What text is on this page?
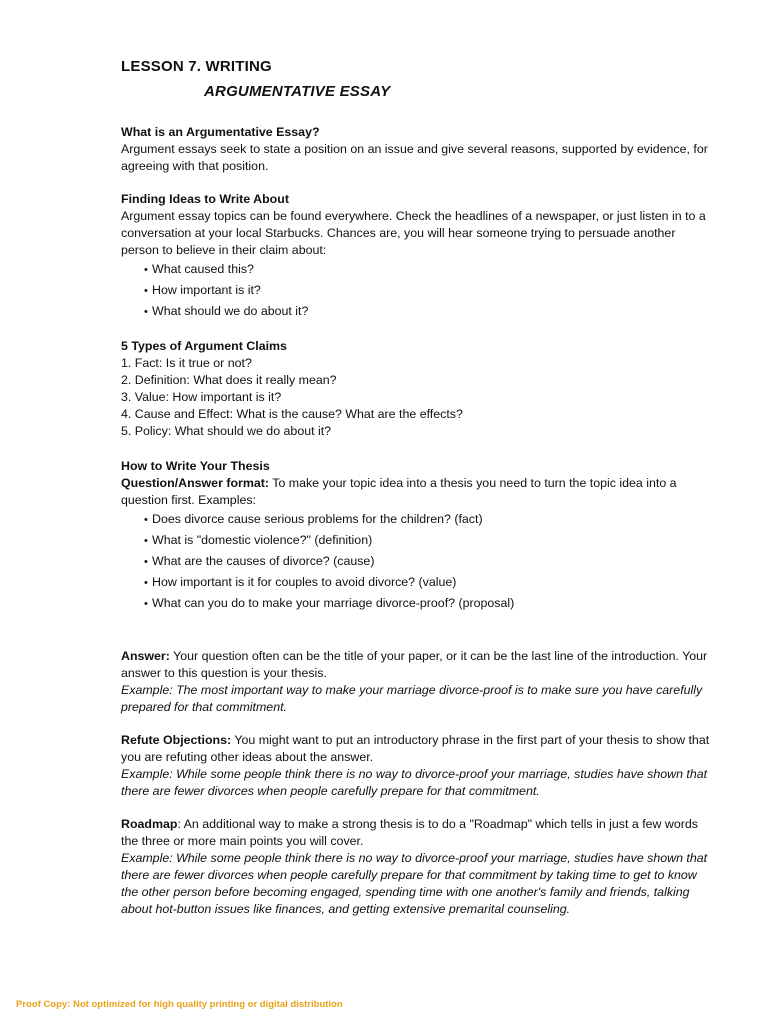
LESSON 7. WRITING
ARGUMENTATIVE ESSAY

What is an Argumentative Essay?

Argument essays seek to state a position on an issue and give several reasons, supported by evidence, for agreeing with that position.

Finding Ideas to Write About

Argument essay topics can be found everywhere. Check the headlines of a newspaper, or just listen in to a conversation at your local Starbucks. Chances are, you will hear someone trying to persuade another person to believe in their claim about:

• What caused this?
• How important is it?
• What should we do about it?

5 Types of Argument Claims

1. Fact: Is it true or not?
2. Definition: What does it really mean?
3. Value: How important is it?
4. Cause and Effect: What is the cause? What are the effects?
5. Policy: What should we do about it?

How to Write Your Thesis

Question/Answer format: To make your topic idea into a thesis you need to turn the topic idea into a question first. Examples:

• Does divorce cause serious problems for the children? (fact)
• What is "domestic violence?" (definition)
• What are the causes of divorce? (cause)
• How important is it for couples to avoid divorce? (value)
• What can you do to make your marriage divorce-proof? (proposal)

Answer: Your question often can be the title of your paper, or it can be the last line of the introduction. Your answer to this question is your thesis.

Example: The most important way to make your marriage divorce-proof is to make sure you have carefully prepared for that commitment.

Refute Objections: You might want to put an introductory phrase in the first part of your thesis to show that you are refuting other ideas about the answer.

Example: While some people think there is no way to divorce-proof your marriage, studies have shown that there are fewer divorces when people carefully prepare for that commitment.

Roadmap: An additional way to make a strong thesis is to do a "Roadmap" which tells in just a few words the three or more main points you will cover.

Example: While some people think there is no way to divorce-proof your marriage, studies have shown that there are fewer divorces when people carefully prepare for that commitment by taking time to get to know the other person before becoming engaged, spending time with one another's family and friends, talking about hot-button issues like finances, and getting extensive premarital counseling.

Proof Copy: Not optimized for high quality printing or digital distribution
